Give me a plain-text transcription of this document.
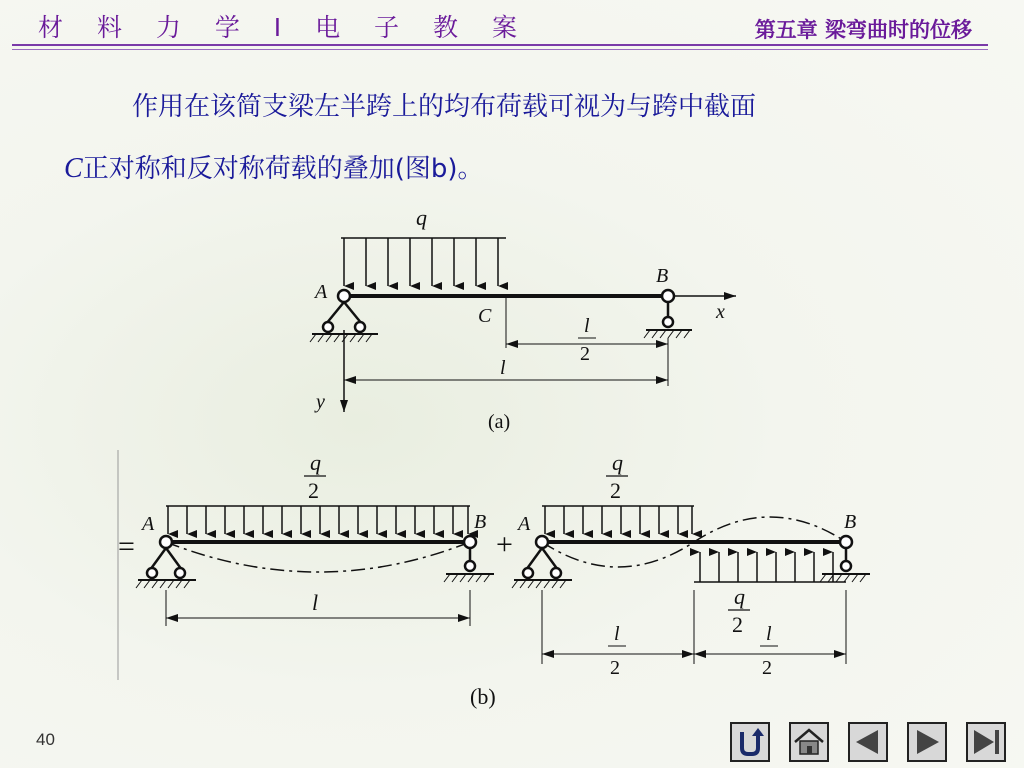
材 料 力 学 Ⅰ 电 子 教 案	第五章 梁弯曲时的位移
作用在该简支梁左半跨上的均布荷载可视为与跨中截面
C正对称和反对称荷载的叠加(图b)。
q
x
y
A
B
C	l
2
l
(a)
=
q
2
A	B
l
+
q
2
q
2
A	B
l
2
l
2
(b)
40
